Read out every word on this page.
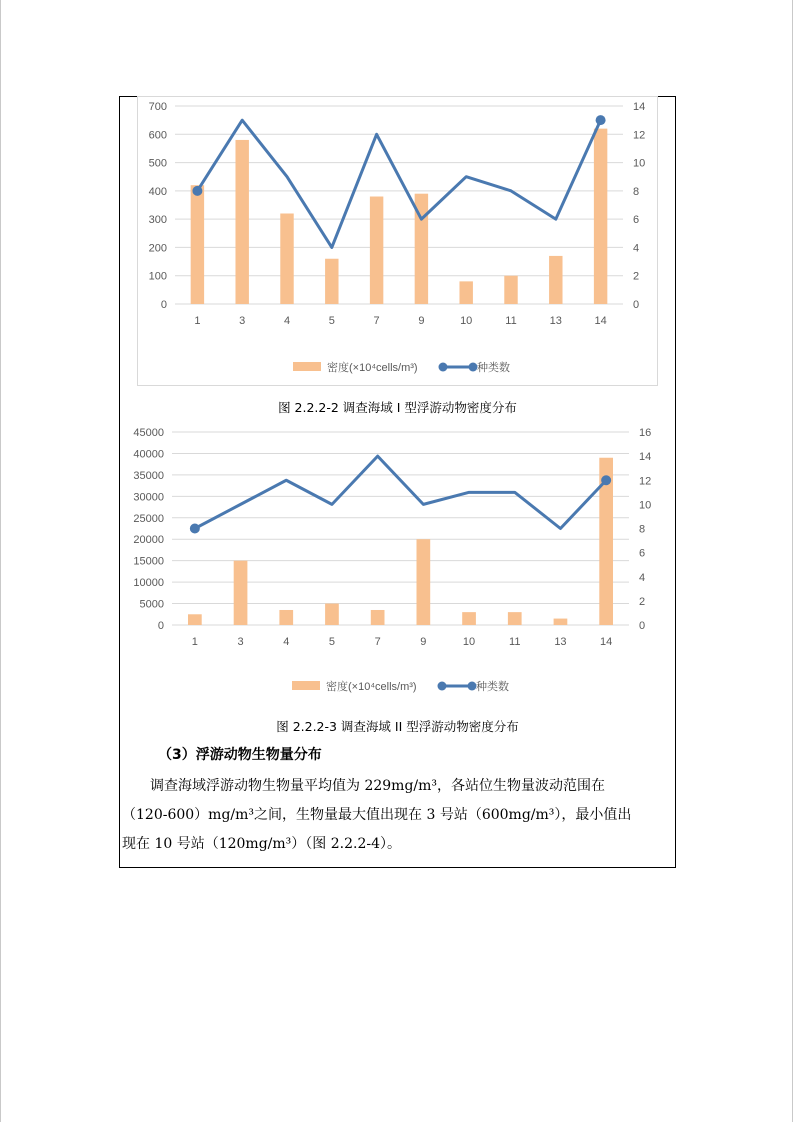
0
100
200
300
400
500
600
700
0
2
4
6
8
10
12
14
1	3	4	5	7	9	10	11	13	14
密度(×10⁴cells/m³)	种类数
图 2.2.2-2 调查海域 I 型浮游动物密度分布
0
5000
10000
15000
20000
25000
30000
35000
40000
45000
0
2
4
6
8
10
12
14
16
1	3	4	5	7	9	10	11	13	14
密度(×10⁴cells/m³)	种类数
图 2.2.2-3 调查海域 II 型浮游动物密度分布
（3）浮游动物生物量分布

调查海域浮游动物生物量平均值为 229mg/m³，各站位生物量波动范围在

（120-600）mg/m³之间，生物量最大值出现在 3 号站（600mg/m³），最小值出

现在 10 号站（120mg/m³）（图 2.2.2-4）。
